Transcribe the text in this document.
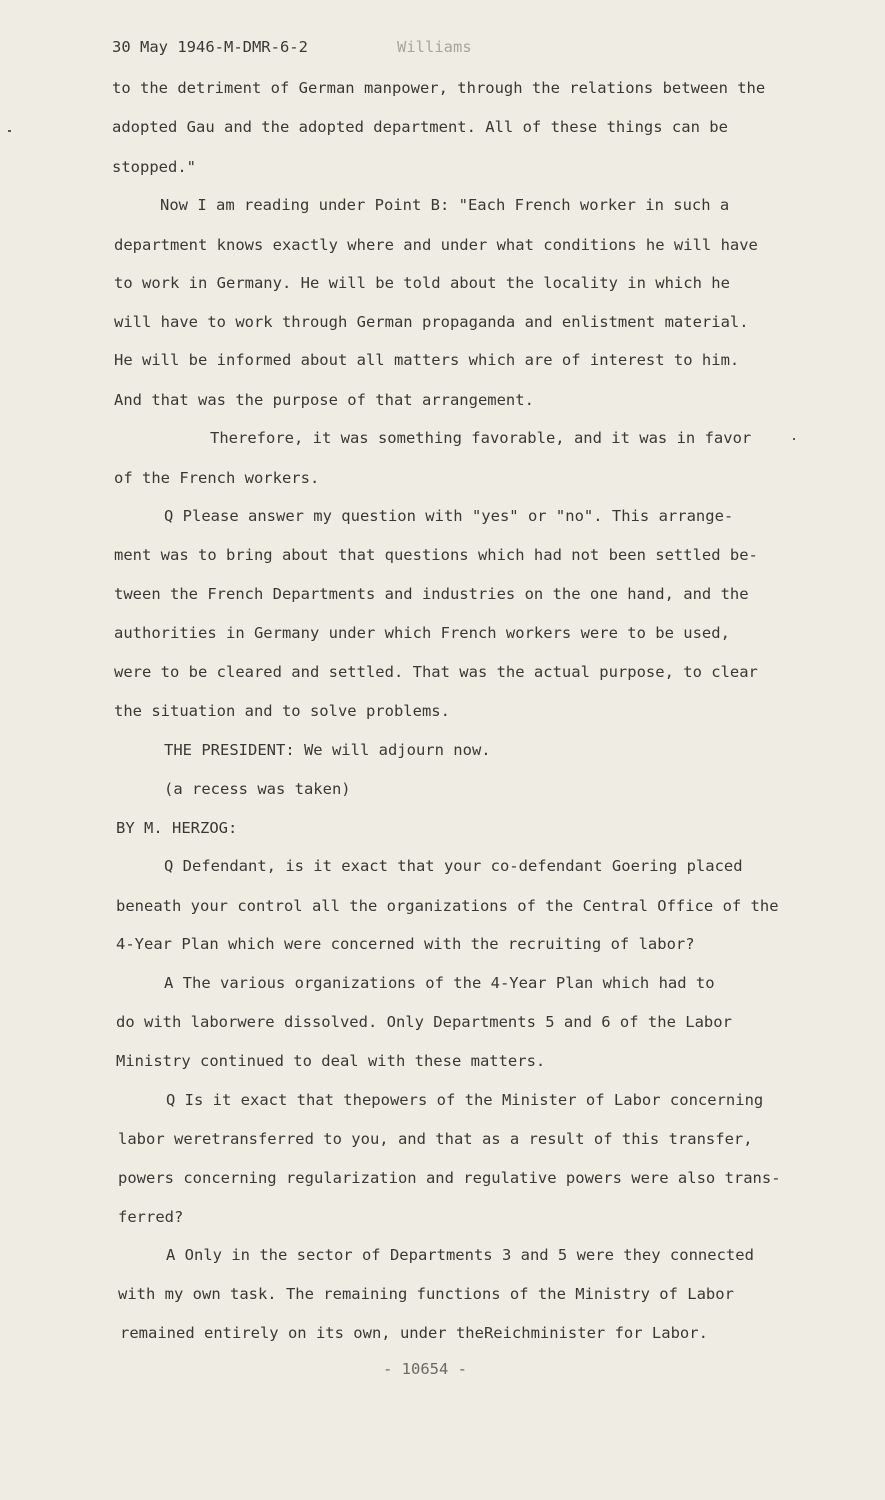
30 May 1946-M-DMR-6-2	Williams
to the detriment of German manpower, through the relations between the
adopted Gau and the adopted department. All of these things can be
stopped."
Now I am reading under Point B: "Each French worker in such a
department knows exactly where and under what conditions he will have
to work in Germany. He will be told about the locality in which he
will have to work through German propaganda and enlistment material.
He will be informed about all matters which are of interest to him.
And that was the purpose of that arrangement.
Therefore, it was something favorable, and it was in favor
of the French workers.
Q Please answer my question with "yes" or "no". This arrange-
ment was to bring about that questions which had not been settled be-
tween the French Departments and industries on the one hand, and the
authorities in Germany under which French workers were to be used,
were to be cleared and settled. That was the actual purpose, to clear
the situation and to solve problems.
THE PRESIDENT: We will adjourn now.
(a recess was taken)
BY M. HERZOG:
Q Defendant, is it exact that your co-defendant Goering placed
beneath your control all the organizations of the Central Office of the
4-Year Plan which were concerned with the recruiting of labor?
A The various organizations of the 4-Year Plan which had to
do with laborwere dissolved. Only Departments 5 and 6 of the Labor
Ministry continued to deal with these matters.
Q Is it exact that thepowers of the Minister of Labor concerning
labor weretransferred to you, and that as a result of this transfer,
powers concerning regularization and regulative powers were also trans-
ferred?
A Only in the sector of Departments 3 and 5 were they connected
with my own task. The remaining functions of the Ministry of Labor
remained entirely on its own, under theReichminister for Labor.
- 10654 -
